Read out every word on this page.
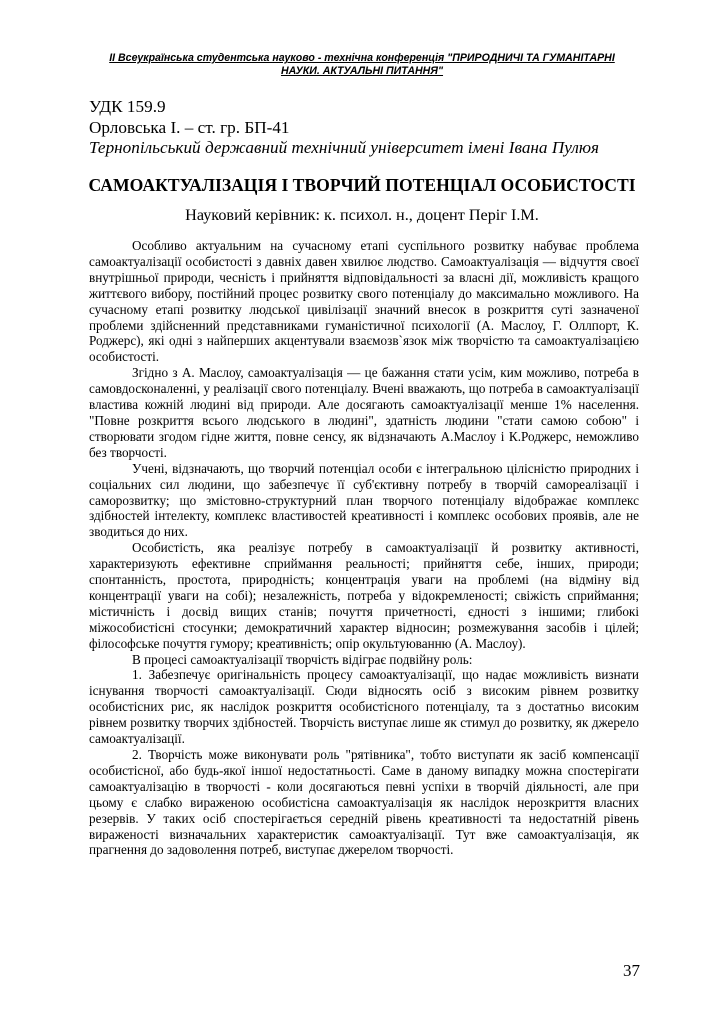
ІІ Всеукраїнська студентська науково - технічна конференція "ПРИРОДНИЧІ ТА ГУМАНІТАРНІ НАУКИ. АКТУАЛЬНІ ПИТАННЯ"
УДК 159.9
Орловська І. – ст. гр. БП-41
Тернопільський державний технічний університет імені Івана Пулюя
САМОАКТУАЛІЗАЦІЯ І ТВОРЧИЙ ПОТЕНЦІАЛ ОСОБИСТОСТІ
Науковий керівник: к. психол. н., доцент Періг І.М.

Особливо актуальним на сучасному етапі суспільного розвитку набуває проблема самоактуалізації особистості з давніх давен хвилює людство. Самоактуалізація — відчуття своєї внутрішньої природи, чесність і прийняття відповідальності за власні дії, можливість кращого життєвого вибору, постійний процес розвитку свого потенціалу до максимально можливого. На сучасному етапі розвитку людської цивілізації значний внесок в розкриття суті зазначеної проблеми здійсненний представниками гуманістичної психології (А. Маслоу, Г. Оллпорт, К. Роджерс), які одні з найперших акцентували взаємозв`язок між творчістю та самоактуалізацією особистості.

Згідно з А. Маслоу, самоактуалізація — це бажання стати усім, ким можливо, потреба в самовдосконаленні, у реалізації свого потенціалу. Вчені вважають, що потреба в самоактуалізації властива кожній людині від природи. Але досягають самоактуалізації менше 1% населення. "Повне розкриття всього людського в людині", здатність людини "стати самою собою" і створювати згодом гідне життя, повне сенсу, як відзначають А.Маслоу і К.Роджерс, неможливо без творчості.

Учені, відзначають, що творчий потенціал особи є інтегральною цілісністю природних і соціальних сил людини, що забезпечує її суб'єктивну потребу в творчій самореалізації і саморозвитку; що змістовно-структурний план творчого потенціалу відображає комплекс здібностей інтелекту, комплекс властивостей креативності і комплекс особових проявів, але не зводиться до них.

Особистість, яка реалізує потребу в самоактуалізації й розвитку активності, характеризують ефективне сприймання реальності; прийняття себе, інших, природи; спонтанність, простота, природність; концентрація уваги на проблемі (на відміну від концентрації уваги на собі); незалежність, потреба у відокремленості; свіжість сприймання; містичність і досвід вищих станів; почуття причетності, єдності з іншими; глибокі міжособистісні стосунки; демократичний характер відносин; розмежування засобів і цілей; філософське почуття гумору; креативність; опір окультуюванню (А. Маслоу).

В процесі самоактуалізації творчість відіграє подвійну роль:

1. Забезпечує оригінальність процесу самоактуалізації, що надає можливість визнати існування творчості самоактуалізації. Сюди відносять осіб з високим рівнем розвитку особистісних рис, як наслідок розкриття особистісного потенціалу, та з достатньо високим рівнем розвитку творчих здібностей. Творчість виступає лише як стимул до розвитку, як джерело самоактуалізації.

2. Творчість може виконувати роль "рятівника", тобто виступати як засіб компенсації особистісної, або будь-якої іншої недостатньості. Саме в даному випадку можна спостерігати самоактуалізацію в творчості - коли досягаються певні успіхи в творчій діяльності, але при цьому є слабко вираженою особистісна самоактуалізація як наслідок нерозкриття власних резервів. У таких осіб спостерігається середній рівень креативності та недостатній рівень вираженості визначальних характеристик самоактуалізації. Тут вже самоактуалізація, як прагнення до задоволення потреб, виступає джерелом творчості.

37
